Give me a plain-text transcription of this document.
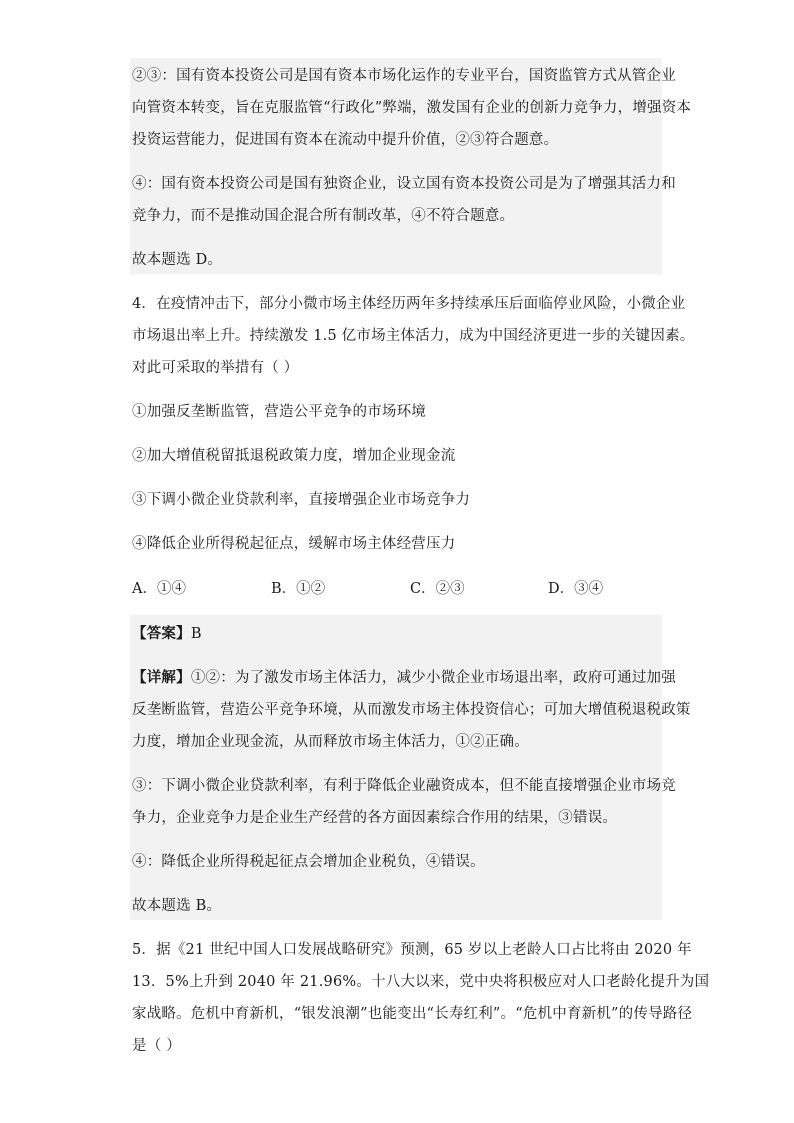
②③：国有资本投资公司是国有资本市场化运作的专业平台，国资监管方式从管企业
向管资本转变，旨在克服监管“行政化”弊端，激发国有企业的创新力竞争力，增强资本
投资运营能力，促进国有资本在流动中提升价值，②③符合题意。
④：国有资本投资公司是国有独资企业，设立国有资本投资公司是为了增强其活力和
竞争力，而不是推动国企混合所有制改革，④不符合题意。
故本题选 D。
4．在疫情冲击下，部分小微市场主体经历两年多持续承压后面临停业风险，小微企业
市场退出率上升。持续激发 1.5 亿市场主体活力，成为中国经济更进一步的关键因素。
对此可采取的举措有（ ）
①加强反垄断监管，营造公平竞争的市场环境
②加大增值税留抵退税政策力度，增加企业现金流
③下调小微企业贷款利率，直接增强企业市场竞争力
④降低企业所得税起征点，缓解市场主体经营压力
A．①④	B．①②	C．②③	D．③④
【答案】B
【详解】①②：为了激发市场主体活力，减少小微企业市场退出率，政府可通过加强
反垄断监管，营造公平竞争环境，从而激发市场主体投资信心；可加大增值税退税政策
力度，增加企业现金流，从而释放市场主体活力，①②正确。
③：下调小微企业贷款利率，有利于降低企业融资成本，但不能直接增强企业市场竞
争力，企业竞争力是企业生产经营的各方面因素综合作用的结果，③错误。
④：降低企业所得税起征点会增加企业税负，④错误。
故本题选 B。
5．据《21 世纪中国人口发展战略研究》预测，65 岁以上老龄人口占比将由 2020 年
13．5%上升到 2040 年 21.96%。十八大以来，党中央将积极应对人口老龄化提升为国
家战略。危机中育新机，“银发浪潮”也能变出“长寿红利”。“危机中育新机”的传导路径
是（ ）
